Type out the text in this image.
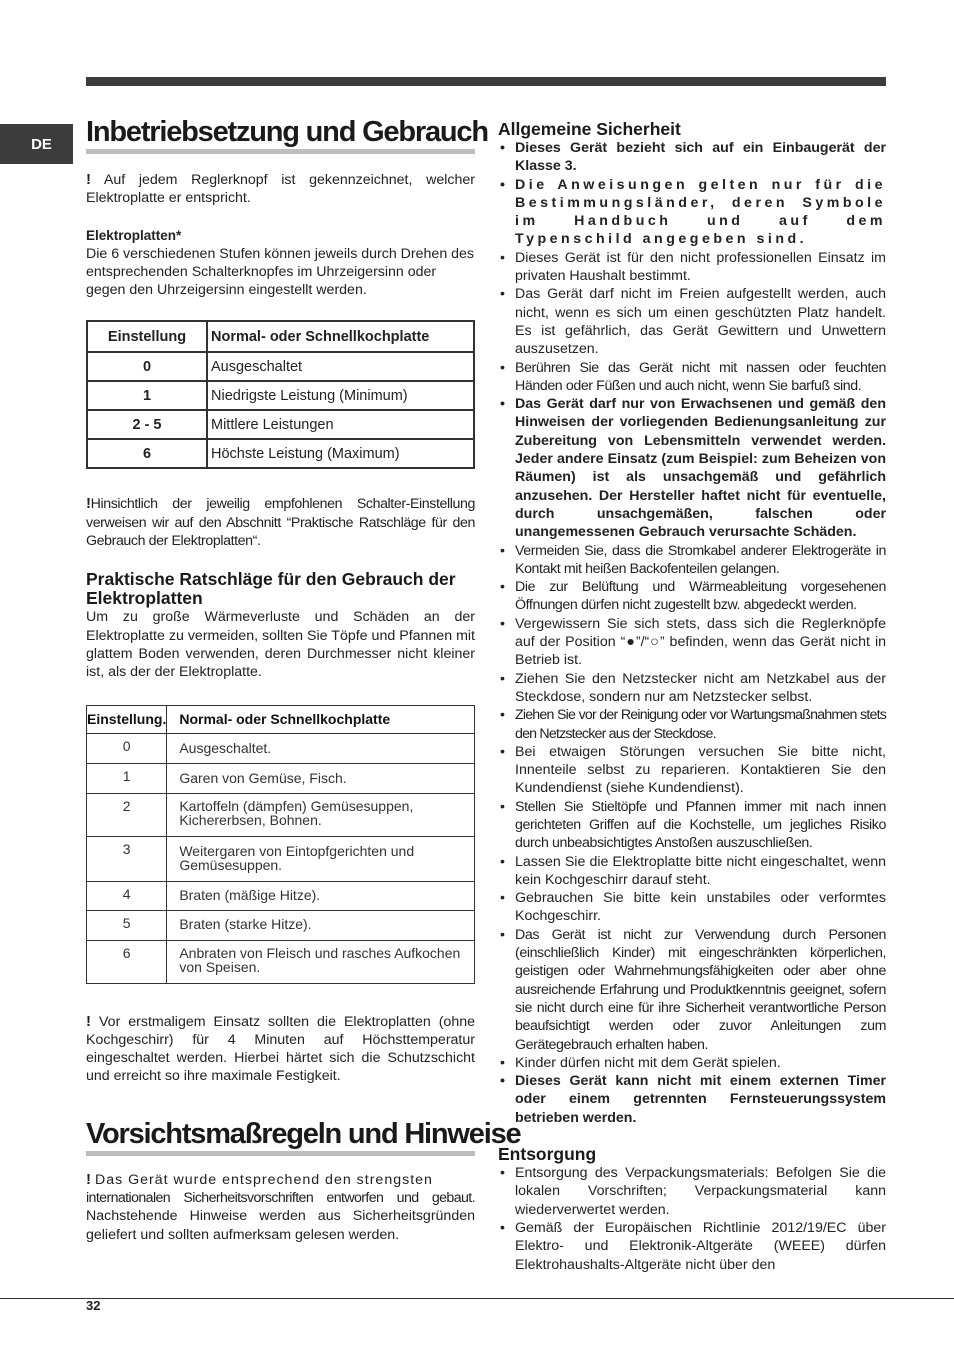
DE	Inbetriebsetzung und Gebrauch

! Auf jedem Reglerknopf ist gekennzeichnet, welcher Elektroplatte er entspricht.

Elektroplatten*

Die 6 verschiedenen Stufen können jeweils durch Drehen des entsprechenden Schalterknopfes im Uhrzeigersinn oder gegen den Uhrzeigersinn eingestellt werden.

Einstellung	Normal- oder Schnellkochplatte
0	Ausgeschaltet
1	Niedrigste Leistung (Minimum)
2 - 5	Mittlere Leistungen
6	Höchste Leistung (Maximum)

!Hinsichtlich der jeweilig empfohlenen Schalter-Einstellung verweisen wir auf den Abschnitt “Praktische Ratschläge für den Gebrauch der Elektroplatten“.

Praktische Ratschläge für den Gebrauch der Elektroplatten

Um zu große Wärmeverluste und Schäden an der Elektroplatte zu vermeiden, sollten Sie Töpfe und Pfannen mit glattem Boden verwenden, deren Durchmesser nicht kleiner ist, als der der Elektroplatte.

Einstellung.	Normal- oder Schnellkochplatte
0	Ausgeschaltet.
1	Garen von Gemüse, Fisch.
2	Kartoffeln (dämpfen) Gemüsesuppen, Kichererbsen, Bohnen.
3	Weitergaren von Eintopfgerichten und Gemüsesuppen.
4	Braten (mäßige Hitze).
5	Braten (starke Hitze).
6	Anbraten von Fleisch und rasches Aufkochen von Speisen.

! Vor erstmaligem Einsatz sollten die Elektroplatten (ohne Kochgeschirr) für 4 Minuten auf Höchsttemperatur eingeschaltet werden. Hierbei härtet sich die Schutzschicht und erreicht so ihre maximale Festigkeit.

Vorsichtsmaßregeln und Hinweise

! Das Gerät wurde entsprechend den strengsten
internationalen Sicherheitsvorschriften entworfen und gebaut. Nachstehende Hinweise werden aus Sicherheitsgründen geliefert und sollten aufmerksam gelesen werden.

Allgemeine Sicherheit
• Dieses Gerät bezieht sich auf ein Einbaugerät der Klasse 3.
• Die Anweisungen gelten nur für die Bestimmungsländer, deren Symbole im Handbuch und auf dem Typenschild angegeben sind.
• Dieses Gerät ist für den nicht professionellen Einsatz im privaten Haushalt bestimmt.
• Das Gerät darf nicht im Freien aufgestellt werden, auch nicht, wenn es sich um einen geschützten Platz handelt. Es ist gefährlich, das Gerät Gewittern und Unwettern auszusetzen.
• Berühren Sie das Gerät nicht mit nassen oder feuchten Händen oder Füßen und auch nicht, wenn Sie barfuß sind.
• Das Gerät darf nur von Erwachsenen und gemäß den Hinweisen der vorliegenden Bedienungsanleitung zur Zubereitung von Lebensmitteln verwendet werden. Jeder andere Einsatz (zum Beispiel: zum Beheizen von Räumen) ist als unsachgemäß und gefährlich anzusehen. Der Hersteller haftet nicht für eventuelle, durch unsachgemäßen, falschen oder unangemessenen Gebrauch verursachte Schäden.
• Vermeiden Sie, dass die Stromkabel anderer Elektrogeräte in Kontakt mit heißen Backofenteilen gelangen.
• Die zur Belüftung und Wärmeableitung vorgesehenen Öffnungen dürfen nicht zugestellt bzw. abgedeckt werden.
• Vergewissern Sie sich stets, dass sich die Reglerknöpfe auf der Position “●”/“○” befinden, wenn das Gerät nicht in Betrieb ist.
• Ziehen Sie den Netzstecker nicht am Netzkabel aus der Steckdose, sondern nur am Netzstecker selbst.
• Ziehen Sie vor der Reinigung oder vor Wartungsmaßnahmen stets den Netzstecker aus der Steckdose.
• Bei etwaigen Störungen versuchen Sie bitte nicht, Innenteile selbst zu reparieren. Kontaktieren Sie den Kundendienst (siehe Kundendienst).
• Stellen Sie Stieltöpfe und Pfannen immer mit nach innen gerichteten Griffen auf die Kochstelle, um jegliches Risiko durch unbeabsichtigtes Anstoßen auszuschließen.
• Lassen Sie die Elektroplatte bitte nicht eingeschaltet, wenn kein Kochgeschirr darauf steht.
• Gebrauchen Sie bitte kein unstabiles oder verformtes Kochgeschirr.
• Das Gerät ist nicht zur Verwendung durch Personen (einschließlich Kinder) mit eingeschränkten körperlichen, geistigen oder Wahrnehmungsfähigkeiten oder aber ohne ausreichende Erfahrung und Produktkenntnis geeignet, sofern sie nicht durch eine für ihre Sicherheit verantwortliche Person beaufsichtigt werden oder zuvor Anleitungen zum Gerätegebrauch erhalten haben.
• Kinder dürfen nicht mit dem Gerät spielen.
• Dieses Gerät kann nicht mit einem externen Timer oder einem getrennten Fernsteuerungssystem betrieben werden.
Entsorgung
• Entsorgung des Verpackungsmaterials: Befolgen Sie die lokalen Vorschriften; Verpackungsmaterial kann wiederverwertet werden.
• Gemäß der Europäischen Richtlinie 2012/19/EC über Elektro- und Elektronik-Altgeräte (WEEE) dürfen Elektrohaushalts-Altgeräte nicht über den
32
